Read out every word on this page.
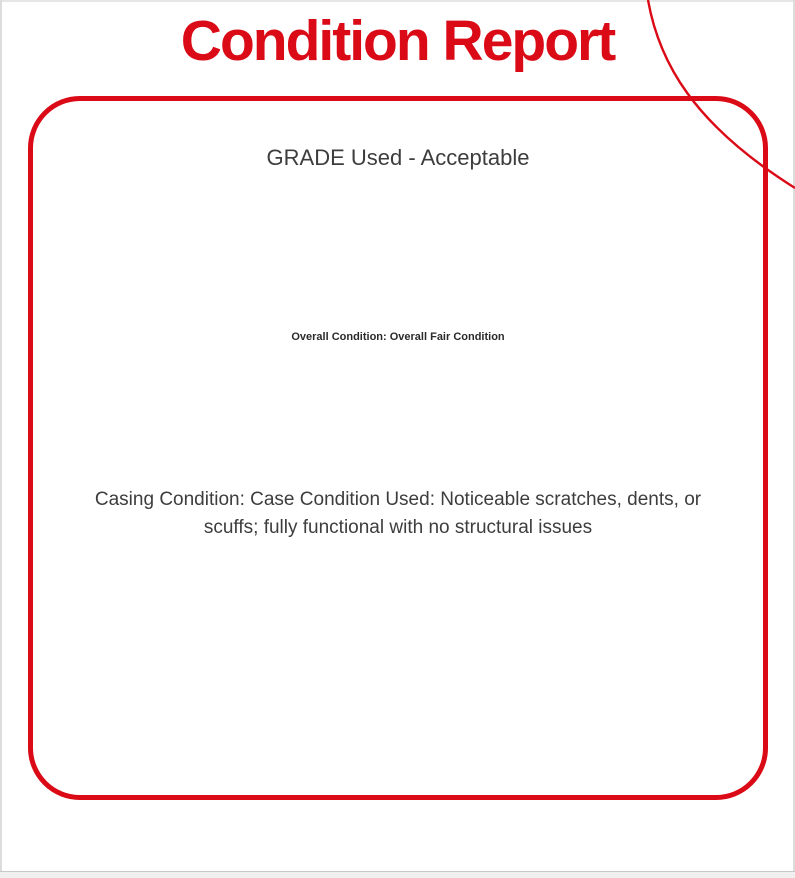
Condition Report
GRADE Used - Acceptable
Overall Condition: Overall Fair Condition
Casing Condition: Case Condition Used: Noticeable scratches, dents, or
scuffs; fully functional with no structural issues
